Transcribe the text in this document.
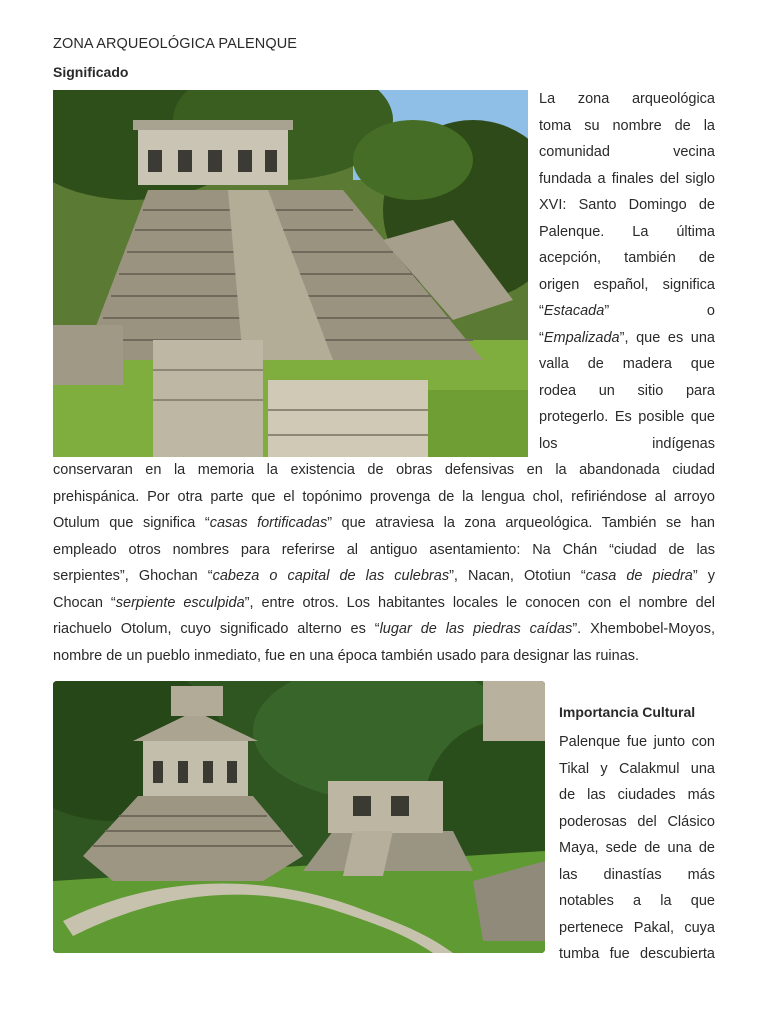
ZONA ARQUEOLÓGICA PALENQUE
Significado
La zona arqueológica
toma su nombre de la
comunidad vecina
fundada a finales del siglo
XVI: Santo Domingo de
Palenque. La última
acepción, también de
origen español, significa
“Estacada” o
“Empalizada”, que es una
valla de madera que
rodea un sitio para
protegerlo. Es posible que
los indígenas
conservaran en la memoria la existencia de obras defensivas en la abandonada ciudad
prehispánica. Por otra parte que el topónimo provenga de la lengua chol, refiriéndose al arroyo
Otulum que significa “casas fortificadas” que atraviesa la zona arqueológica. También se han
empleado otros nombres para referirse al antiguo asentamiento: Na Chán “ciudad de las
serpientes”, Ghochan “cabeza o capital de las culebras”, Nacan, Ototiun “casa de piedra” y
Chocan “serpiente esculpida”, entre otros. Los habitantes locales le conocen con el nombre del
riachuelo Otolum, cuyo significado alterno es “lugar de las piedras caídas”. Xhembobel-Moyos,
nombre de un pueblo inmediato, fue en una época también usado para designar las ruinas.
Importancia Cultural
Palenque fue junto con
Tikal y Calakmul una
de las ciudades más
poderosas del Clásico
Maya, sede de una de
las dinastías más
notables a la que
pertenece Pakal, cuya
tumba fue descubierta
